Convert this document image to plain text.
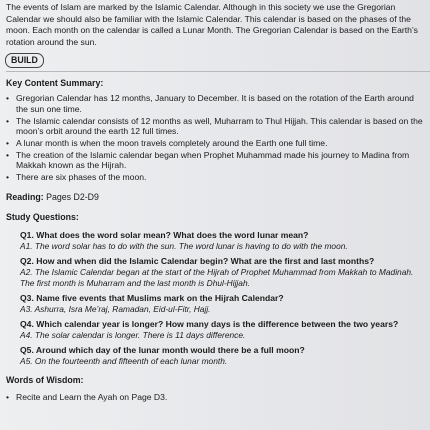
The events of Islam are marked by the Islamic Calendar. Although in this society we use the Gregorian Calendar we should also be familiar with the Islamic Calendar. This calendar is based on the phases of the moon. Each month on the calendar is called a Lunar Month. The Gregorian Calendar is based on the Earth’s rotation around the sun.

BUILD
Key Content Summary:
• Gregorian Calendar has 12 months, January to December. It is based on the rotation of the Earth around the sun one time.
• The Islamic calendar consists of 12 months as well, Muharram to Thul Hijjah. This calendar is based on the moon’s orbit around the earth 12 full times.
• A lunar month is when the moon travels completely around the Earth one full time.
• The creation of the Islamic calendar began when Prophet Muhammad made his journey to Madina from Makkah known as the Hijrah.
• There are six phases of the moon.
Reading: Pages D2-D9
Study Questions:
Q1. What does the word solar mean? What does the word lunar mean?
A1. The word solar has to do with the sun. The word lunar is having to do with the moon.
Q2. How and when did the Islamic Calendar begin? What are the first and last months?
A2. The Islamic Calendar began at the start of the Hijrah of Prophet Muhammad from Makkah to Madinah. The first month is Muharram and the last month is Dhul-Hijjah.
Q3. Name five events that Muslims mark on the Hijrah Calendar?
A3. Ashurra, Isra Me’raj, Ramadan, Eid-ul-Fitr, Hajj.
Q4. Which calendar year is longer? How many days is the difference between the two years?
A4. The solar calendar is longer. There is 11 days difference.
Q5. Around which day of the lunar month would there be a full moon?
A5. On the fourteenth and fifteenth of each lunar month.
Words of Wisdom:
• Recite and Learn the Ayah on Page D3.
